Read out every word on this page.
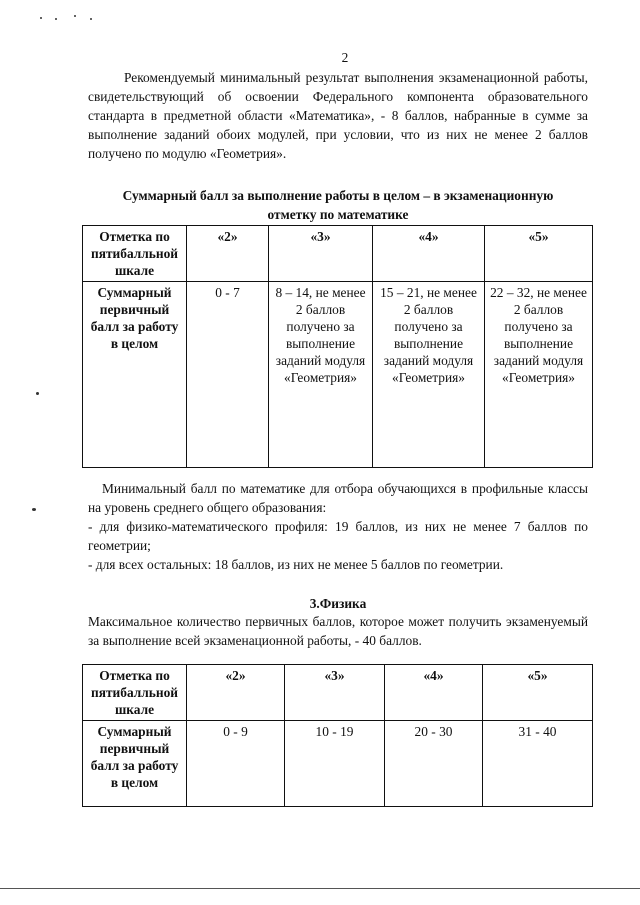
2
Рекомендуемый минимальный результат выполнения экзаменационной работы, свидетельствующий об освоении Федерального компонента образовательного стандарта в предметной области «Математика», - 8 баллов, набранные в сумме за выполнение заданий обоих модулей, при условии, что из них не менее 2 баллов получено по модулю «Геометрия».
Суммарный балл за выполнение работы в целом – в экзаменационную
отметку по математике
Отметка по пятибалльной шкале	«2»	«3»	«4»	«5»
Суммарный первичный балл за работу в целом	0 - 7	8 – 14, не менее 2 баллов получено за выполнение заданий модуля «Геометрия»	15 – 21, не менее 2 баллов получено за выполнение заданий модуля «Геометрия»	22 – 32, не менее 2 баллов получено за выполнение заданий модуля «Геометрия»
Минимальный балл по математике для отбора обучающихся в профильные классы на уровень среднего общего образования:
- для физико-математического профиля: 19 баллов, из них не менее 7 баллов по геометрии;
- для всех остальных: 18 баллов, из них не менее 5 баллов по геометрии.
3.Физика
Максимальное количество первичных баллов, которое может получить экзаменуемый за выполнение всей экзаменационной работы, - 40 баллов.
Отметка по пятибалльной шкале	«2»	«3»	«4»	«5»
Суммарный первичный балл за работу в целом	0 - 9	10 - 19	20 - 30	31 - 40
